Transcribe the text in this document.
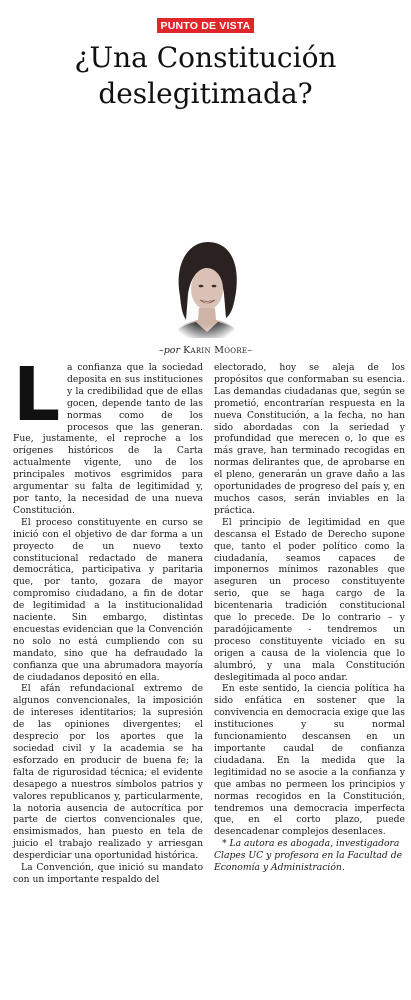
PUNTO DE VISTA
¿Una Constitución
deslegitimada?
–por Karin Moore–

La confianza que la sociedad deposita en sus instituciones y la credibilidad que de ellas gocen, depende tanto de las normas como de los procesos que las generan. Fue, justamente, el reproche a los orígenes históricos de la Carta actualmente vigente, uno de los principales motivos esgrimidos para argumentar su falta de legitimidad y, por tanto, la necesidad de una nueva Constitución.

El proceso constituyente en curso se inició con el objetivo de dar forma a un proyecto de un nuevo texto constitucional redactado de manera democrática, participativa y paritaria que, por tanto, gozara de mayor compromiso ciudadano, a fin de dotar de legitimidad a la institucionalidad naciente. Sin embargo, distintas encuestas evidencian que la Convención no solo no está cumpliendo con su mandato, sino que ha defraudado la confianza que una abrumadora mayoría de ciudadanos depositó en ella.

El afán refundacional extremo de algunos convencionales, la imposición de intereses identitarios; la supresión de las opiniones divergentes; el desprecio por los aportes que la sociedad civil y la academia se ha esforzado en producir de buena fe; la falta de rigurosidad técnica; el evidente desapego a nuestros símbolos patrios y valores republicanos y, particularmente, la notoria ausencia de autocrítica por parte de ciertos convencionales que, ensimismados, han puesto en tela de juicio el trabajo realizado y arriesgan desperdiciar una oportunidad histórica.

La Convención, que inició su mandato con un importante respaldo del

electorado, hoy se aleja de los propósitos que conformaban su esencia. Las demandas ciudadanas que, según se prometió, encontrarían respuesta en la nueva Constitución, a la fecha, no han sido abordadas con la seriedad y profundidad que merecen o, lo que es más grave, han terminado recogidas en normas delirantes que, de aprobarse en el pleno, generarán un grave daño a las oportunidades de progreso del país y, en muchos casos, serán inviables en la práctica.

El principio de legitimidad en que descansa el Estado de Derecho supone que, tanto el poder político como la ciudadanía, seamos capaces de imponernos mínimos razonables que aseguren un proceso constituyente serio, que se haga cargo de la bicentenaria tradición constitucional que lo precede. De lo contrario – y paradójicamente - tendremos un proceso constituyente viciado en su origen a causa de la violencia que lo alumbró, y una mala Constitución deslegitimada al poco andar.

En este sentido, la ciencia política ha sido enfática en sostener que la convivencia en democracia exige que las instituciones y su normal funcionamiento descansen en un importante caudal de confianza ciudadana. En la medida que la legitimidad no se asocie a la confianza y que ambas no permeen los principios y normas recogidos en la Constitución, tendremos una democracia imperfecta que, en el corto plazo, puede desencadenar complejos desenlaces.

* La autora es abogada, investigadora Clapes UC y profesora en la Facultad de Economía y Administración.
